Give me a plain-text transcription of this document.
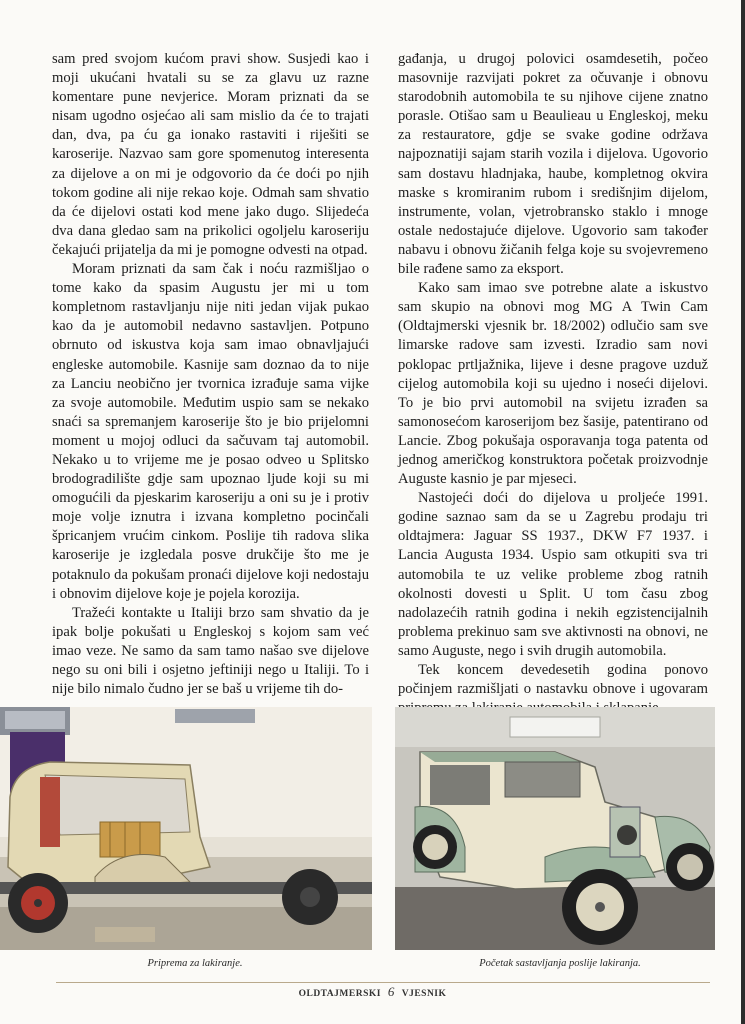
sam pred svojom kućom pravi show. Susjedi kao i moji ukućani hvatali su se za glavu uz razne komentare pune nevjerice. Moram priznati da se nisam ugodno osjećao ali sam mislio da će to trajati dan, dva, pa ću ga ionako rastaviti i riješiti se karoserije. Nazvao sam gore spomenutog interesenta za dijelove a on mi je odgovorio da će doći po njih tokom godine ali nije rekao koje. Odmah sam shvatio da će dijelovi ostati kod mene jako dugo. Slijedeća dva dana gledao sam na prikolici ogoljelu karoseriju čekajući prijatelja da mi je pomogne odvesti na otpad.

Moram priznati da sam čak i noću razmišljao o tome kako da spasim Augustu jer mi u tom kompletnom rastavljanju nije niti jedan vijak pukao kao da je automobil nedavno sastavljen. Potpuno obrnuto od iskustva koja sam imao obnavljajući engleske automobile. Kasnije sam doznao da to nije za Lanciu neobično jer tvornica izrađuje sama vijke za svoje automobile. Međutim uspio sam se nekako snaći sa spremanjem karoserije što je bio prijelomni moment u mojoj odluci da sačuvam taj automobil. Nekako u to vrijeme me je posao odveo u Splitsko brodogradilište gdje sam upoznao ljude koji su mi omogućili da pjeskarim karoseriju a oni su je i protiv moje volje iznutra i izvana kompletno pocinčali špricanjem vrućim cinkom. Poslije tih radova slika karoserije je izgledala posve drukčije što me je potaknulo da pokušam pronaći dijelove koji nedostaju i obnovim dijelove koje je pojela korozija.

Tražeći kontakte u Italiji brzo sam shvatio da je ipak bolje pokušati u Engleskoj s kojom sam već imao veze. Ne samo da sam tamo našao sve dijelove nego su oni bili i osjetno jeftiniji nego u Italiji. To i nije bilo nimalo čudno jer se baš u vrijeme tih do-

gađanja, u drugoj polovici osamdesetih, počeo masovnije razvijati pokret za očuvanje i obnovu starodobnih automobila te su njihove cijene znatno porasle. Otišao sam u Beaulieau u Engleskoj, meku za restauratore, gdje se svake godine održava najpoznatiji sajam starih vozila i dijelova. Ugovorio sam dostavu hladnjaka, haube, kompletnog okvira maske s kromiranim rubom i središnjim dijelom, instrumente, volan, vjetrobransko staklo i mnoge ostale nedostajuće dijelove. Ugovorio sam također nabavu i obnovu žičanih felga koje su svojevremeno bile rađene samo za eksport.

Kako sam imao sve potrebne alate a iskustvo sam skupio na obnovi mog MG A Twin Cam (Oldtajmerski vjesnik br. 18/2002) odlučio sam sve limarske radove sam izvesti. Izradio sam novi poklopac prtljažnika, lijeve i desne pragove uzduž cijelog automobila koji su ujedno i noseći dijelovi. To je bio prvi automobil na svijetu izrađen sa samonosećom karoserijom bez šasije, patentirano od Lancie. Zbog pokušaja osporavanja toga patenta od jednog američkog konstruktora početak proizvodnje Auguste kasnio je par mjeseci.

Nastojeći doći do dijelova u proljeće 1991. godine saznao sam da se u Zagrebu prodaju tri oldtajmera: Jaguar SS 1937., DKW F7 1937. i Lancia Augusta 1934. Uspio sam otkupiti sva tri automobila te uz velike probleme zbog ratnih okolnosti dovesti u Split. U tom času zbog nadolazećih ratnih godina i nekih egzistencijalnih problema prekinuo sam sve aktivnosti na obnovi, ne samo Auguste, nego i svih drugih automobila.

Tek koncem devedesetih godina ponovo počinjem razmišljati o nastavku obnove i ugovaram

Priprema za lakiranje.	Početak sastavljanja poslije lakiranja.
OLDTAJMERSKI 6 VJESNIK
